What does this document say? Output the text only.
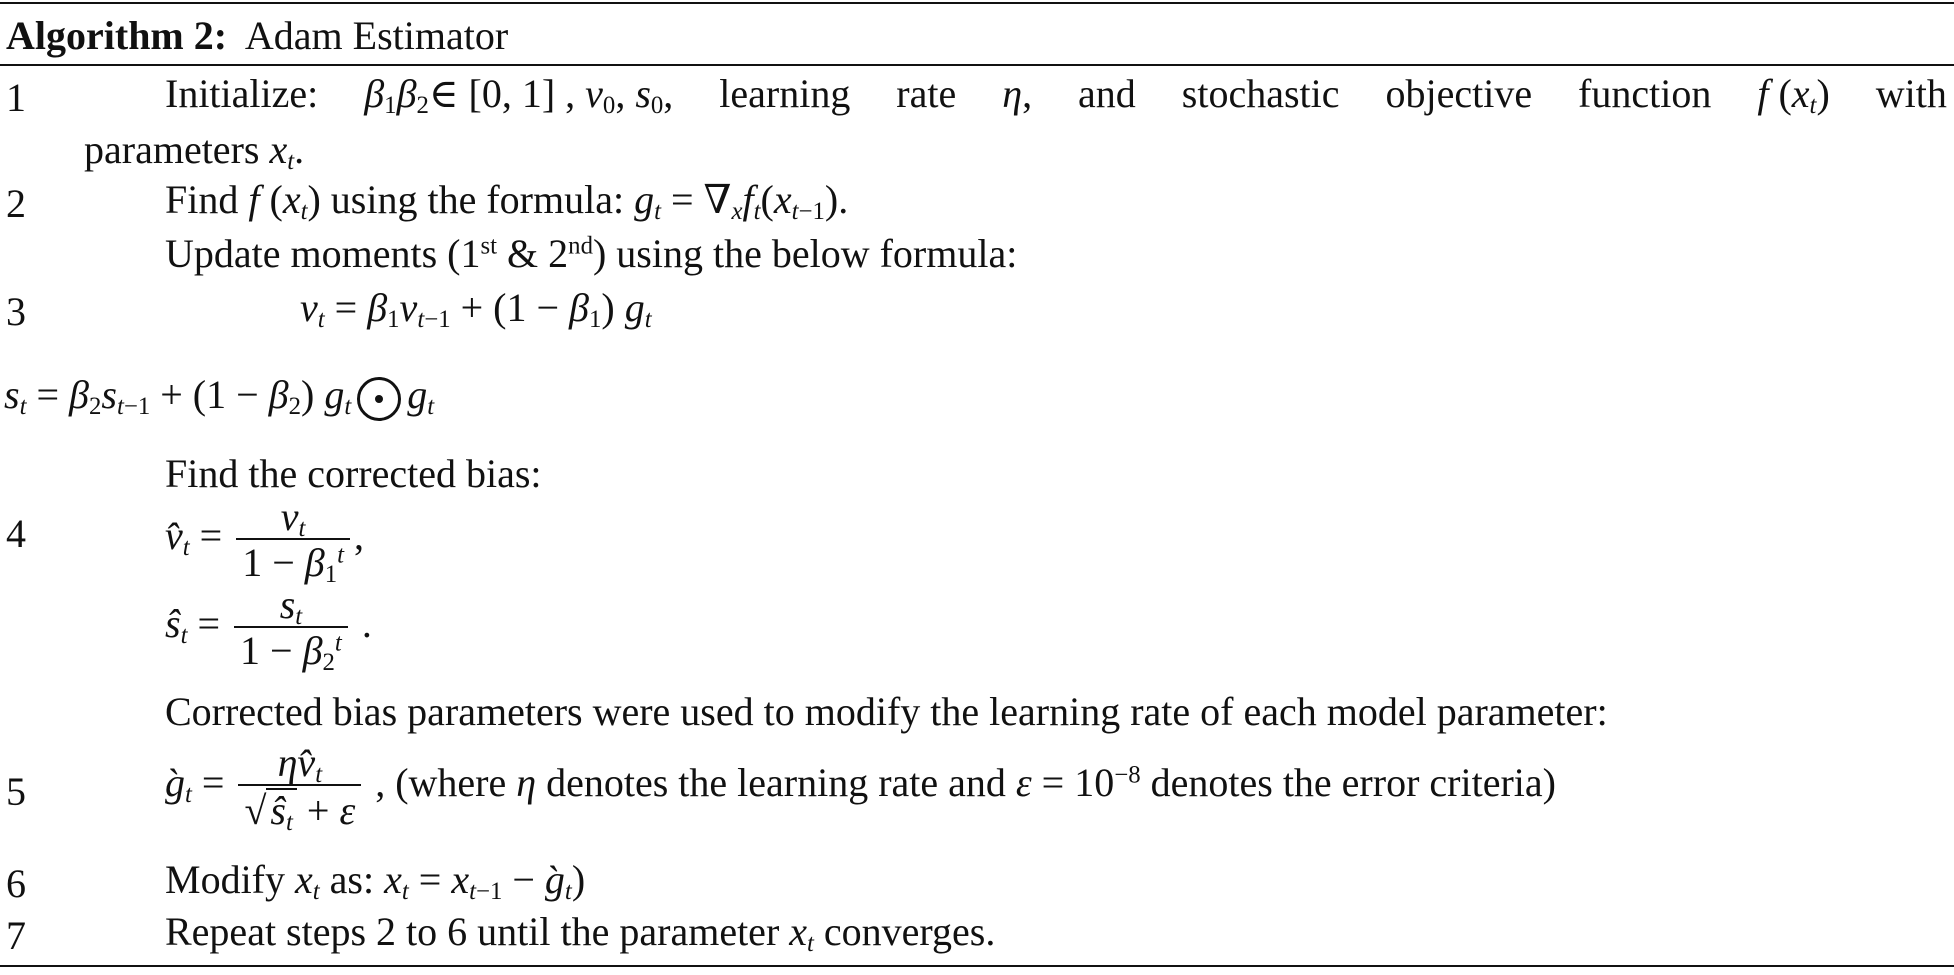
Algorithm 2: Adam Estimator
1	Initialize: $\beta_1\beta_2\in$ [0, 1] , $v_0$, $s_0$, learning rate η, and stochastic objective function f $(x_t)$ with
parameters $x_t$.
2	Find f $(x_t)$ using the formula: $g_t = \nabla_xf_t(x_{t-1})$.
Update moments (1st & 2nd) using the below formula:
3	$v_t = \beta_1v_{t-1} + (1 - \beta_1)$ $g_t$
$s_t = \beta_2s_{t-1} + (1 - \beta_2)$ $g_t$ $g_t$
Find the corrected bias:
4	$v̂_t = \frac{v_t}{1 - \beta_1^t}$ ,
$ŝ_t = \frac{s_t}{1 - \beta_2^t}$ .
Corrected bias parameters were used to modify the learning rate of each model parameter:
5	$g̀_t = \frac{\eta v̂_t}{√ ŝ_t + \varepsilon}$ , (where η denotes the learning rate and $\varepsilon = 10^{-8}$ denotes the error criteria)
6	Modify $x_t$ as: $x_t = x_{t-1}$ − $g̀_t$)
7	Repeat steps 2 to 6 until the parameter $x_t$ converges.
